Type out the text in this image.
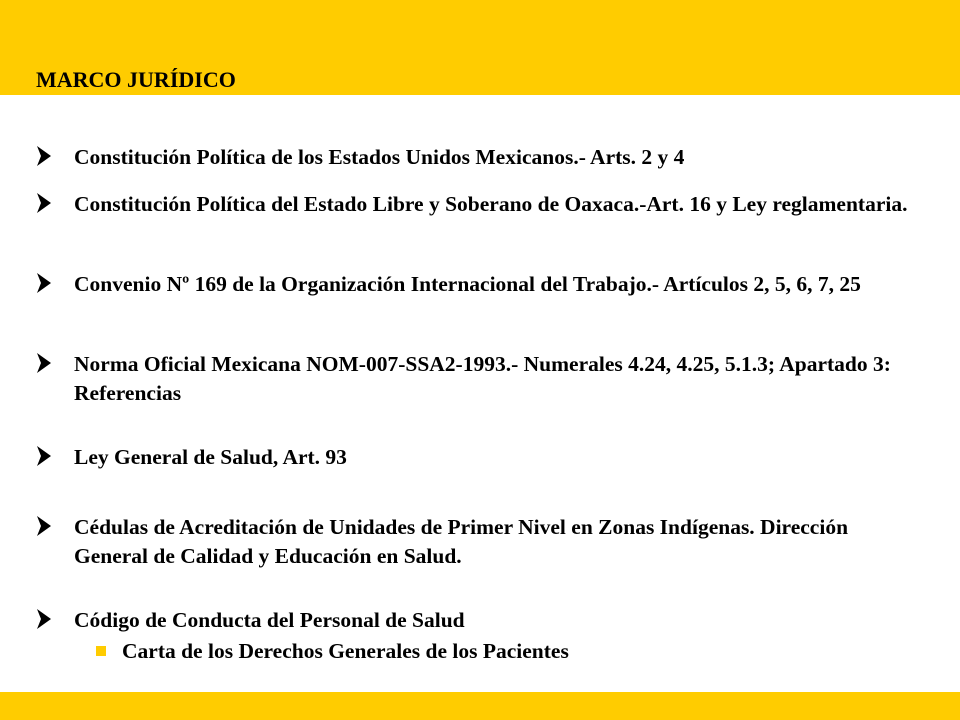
MARCO JURÍDICO
Constitución Política de los Estados Unidos Mexicanos.- Arts. 2 y 4
Constitución Política del Estado Libre y Soberano de Oaxaca.-Art. 16 y Ley reglamentaria.
Convenio Nº 169 de la Organización Internacional del Trabajo.- Artículos 2, 5, 6, 7, 25
Norma Oficial Mexicana NOM-007-SSA2-1993.- Numerales 4.24, 4.25, 5.1.3; Apartado 3: Referencias
Ley General de Salud, Art. 93
Cédulas de Acreditación de Unidades de Primer Nivel en Zonas Indígenas. Dirección General de Calidad y Educación en Salud.
Código de Conducta del Personal de Salud
Carta de los Derechos Generales de los Pacientes
